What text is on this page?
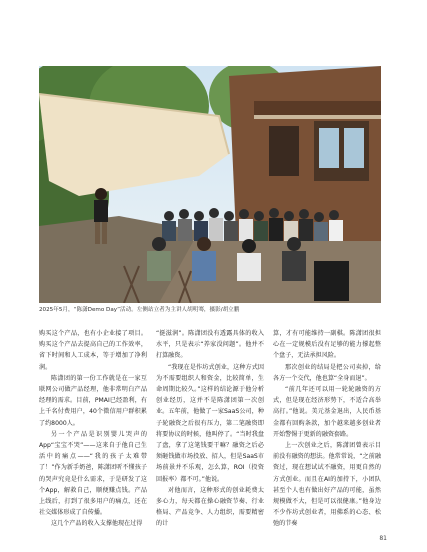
2025年5月，“陈潇Demo Day”活动。左侧站立者为主讲人胡明骞，摄影/胡立鹏

购买这个产品，也有小企业接了项目。购买这个产品去提高自己的工作效率，省下时间和人工成本，等于增加了净利润。

陈潇团的第一份工作就是在一家互联网公司做产品经理，他非常明白产品经理的需求。目前，PMAI已经盈利，有上千名付费用户，40个微信用户群积累了约8000人。

另一个产品是识别婴儿哭声的App“宝宝不哭”——这来自于他自己生活中的痛点——“我的孩子太难带了！”作为新手奶爸，陈潇团听不懂孩子的哭声究竟是什么需求，于是研发了这个App，解救自己，顺便赚点钱。产品上线后，打到了很多用户的痛点，还在社交媒体形成了自传播。

这几个产品的收入支撑他现在过得

“挺滋润”。陈潇团没有透露具体的收入水平，只是表示“养家没问题”。他并不打算融资。

“我现在是作坊式创业，这种方式因为不需要组织人和资金，比较简单，生命周期比较久。”这样的结论源于他分析创业经历，这并不是陈潇团第一次创业。五年前，他做了一家SaaS公司，种子轮融资之后很有压力，第二笔融资即将要协议的时候，他叫停了。“当时我盘了盘，拿了这笔钱要干嘛？融资之后必须砸钱做市场投放、招人，但是SaaS市场前景并不乐观，怎么算，ROI（投资回报率）都不可。”他说。

对他而言，这种形式的创业耗费太多心力，每天都在操心融资节奏、行业格局、产品竞争、人力组织，需要精密的计

算，才有可能维持一副棋。陈潇团很担心在一定规模后没有足够的能力撑起整个盘子，无法承担风险。

那次创业的结局是把公司卖掉，给各方一个交代，他也算“全身而退”。

“前几年还可以用一轮轮融资的方式，但是现在经济形势下，不适合高举高打。”他说。美元基金退出，人民币基金都有回购条款，加个越来越多创业者开始警惕于更新的融资套路。

上一次创业之后，陈潇团曾表示目前没有融资的想法。他常常说，“之前融资过，现在想试试不融资，用更自然的方式创业。而且在AI的加持下，小团队甚至个人也有做出好产品的可能，虽然规模做不大，但是可以很健康。”他身边不少作坊式创业者，用佛系的心态、松弛的节奏

81
